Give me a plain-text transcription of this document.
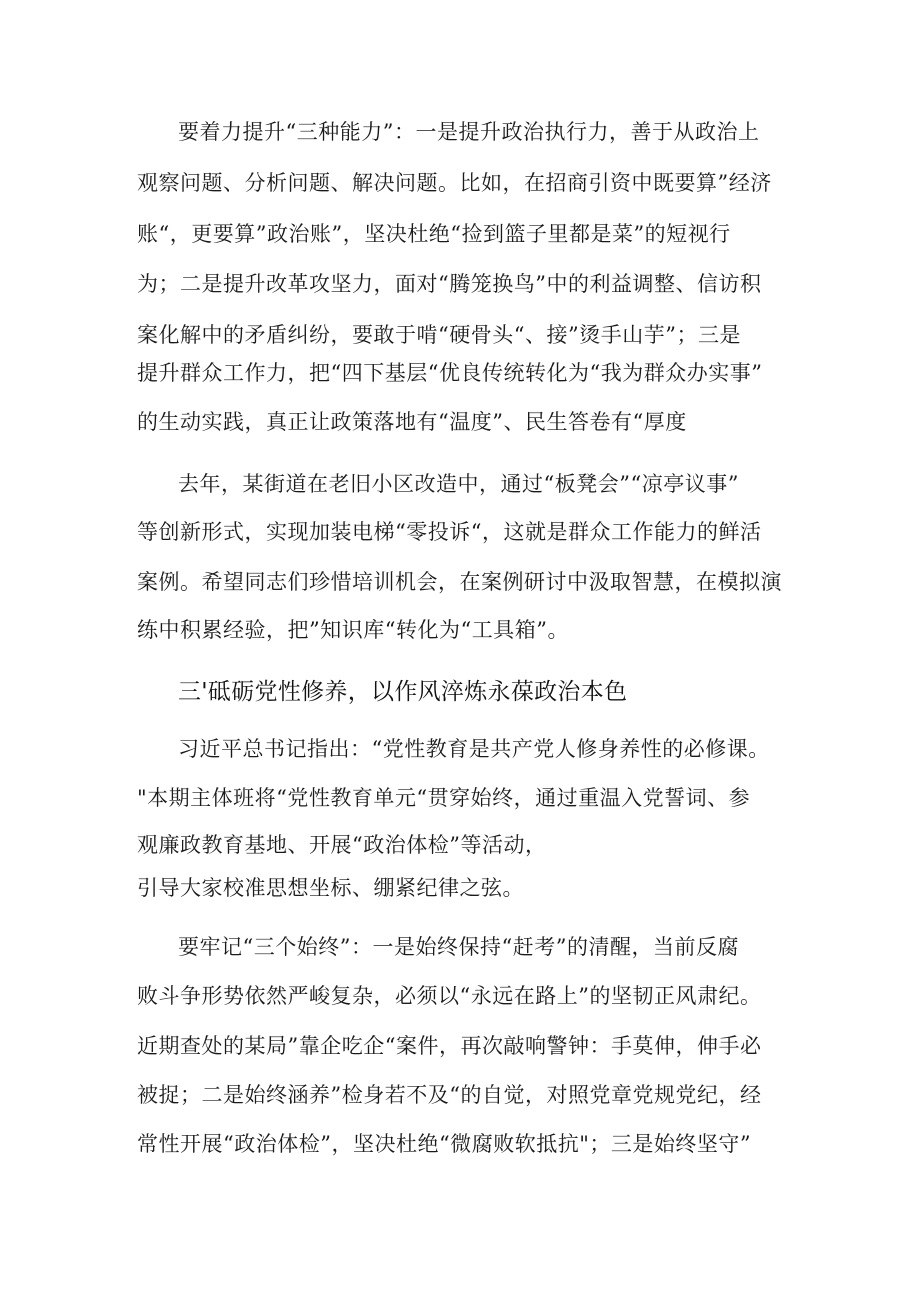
要着力提升“三种能力”：一是提升政治执行力，善于从政治上
观察问题、分析问题、解决问题。比如，在招商引资中既要算”经济
账“，更要算”政治账”，坚决杜绝“捡到篮子里都是菜”的短视行
为；二是提升改革攻坚力，面对“腾笼换鸟”中的利益调整、信访积
案化解中的矛盾纠纷，要敢于啃“硬骨头“、接”烫手山芋”；三是
提升群众工作力，把“四下基层“优良传统转化为“我为群众办实事”
的生动实践，真正让政策落地有“温度”、民生答卷有“厚度
去年，某街道在老旧小区改造中，通过“板凳会”“凉亭议事”
等创新形式，实现加装电梯“零投诉“，这就是群众工作能力的鲜活
案例。希望同志们珍惜培训机会，在案例研讨中汲取智慧，在模拟演
练中积累经验，把”知识库“转化为“工具箱”。
三'砥砺党性修养，以作风淬炼永葆政治本色
习近平总书记指出：“党性教育是共产党人修身养性的必修课。
"本期主体班将“党性教育单元“贯穿始终，通过重温入党誓词、参
观廉政教育基地、开展“政治体检”等活动，
引导大家校准思想坐标、绷紧纪律之弦。
要牢记“三个始终”：一是始终保持“赶考”的清醒，当前反腐
败斗争形势依然严峻复杂，必须以“永远在路上”的坚韧正风肃纪。
近期查处的某局”靠企吃企“案件，再次敲响警钟：手莫伸，伸手必
被捉；二是始终涵养”检身若不及“的自觉，对照党章党规党纪，经
常性开展“政治体检”，坚决杜绝“微腐败软抵抗"；三是始终坚守”
